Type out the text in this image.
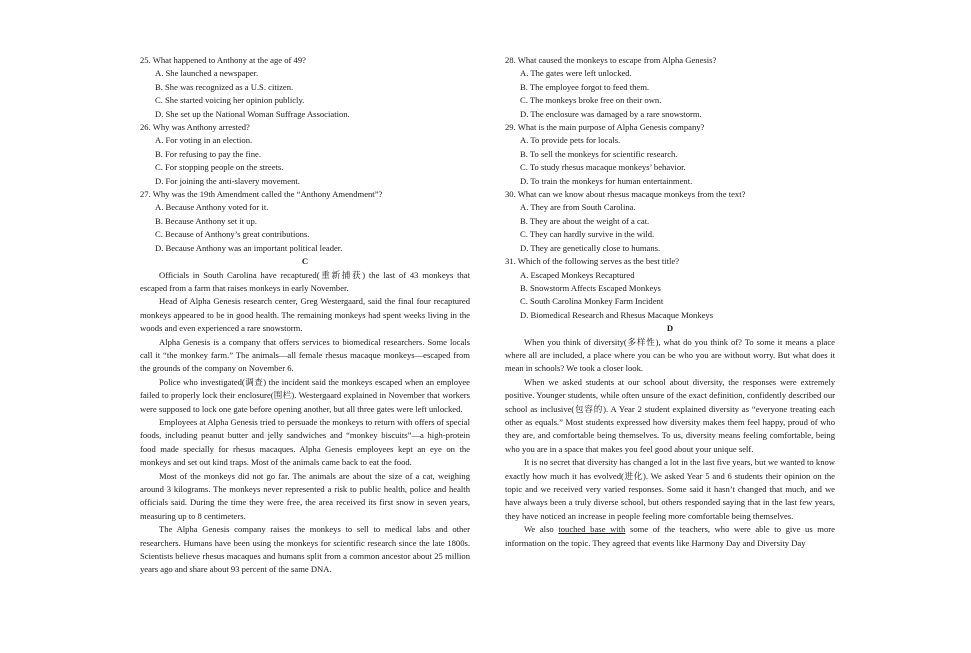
25. What happened to Anthony at the age of 49?
A. She launched a newspaper.
B. She was recognized as a U.S. citizen.
C. She started voicing her opinion publicly.
D. She set up the National Woman Suffrage Association.
26. Why was Anthony arrested?
A. For voting in an election.
B. For refusing to pay the fine.
C. For stopping people on the streets.
D. For joining the anti-slavery movement.
27. Why was the 19th Amendment called the “Anthony Amendment”?
A. Because Anthony voted for it.
B. Because Anthony set it up.
C. Because of Anthony’s great contributions.
D. Because Anthony was an important political leader.
C

Officials in South Carolina have recaptured(重新捕获) the last of 43 monkeys that escaped from a farm that raises monkeys in early November.

Head of Alpha Genesis research center, Greg Westergaard, said the final four recaptured monkeys appeared to be in good health. The remaining monkeys had spent weeks living in the woods and even experienced a rare snowstorm.

Alpha Genesis is a company that offers services to biomedical researchers. Some locals call it “the monkey farm.” The animals—all female rhesus macaque monkeys—escaped from the grounds of the company on November 6.

Police who investigated(调查) the incident said the monkeys escaped when an employee failed to properly lock their enclosure(围栏). Westergaard explained in November that workers were supposed to lock one gate before opening another, but all three gates were left unlocked.

Employees at Alpha Genesis tried to persuade the monkeys to return with offers of special foods, including peanut butter and jelly sandwiches and “monkey biscuits”—a high-protein food made specially for rhesus macaques. Alpha Genesis employees kept an eye on the monkeys and set out kind traps. Most of the animals came back to eat the food.

Most of the monkeys did not go far. The animals are about the size of a cat, weighing around 3 kilograms. The monkeys never represented a risk to public health, police and health officials said. During the time they were free, the area received its first snow in seven years, measuring up to 8 centimeters.

The Alpha Genesis company raises the monkeys to sell to medical labs and other researchers. Humans have been using the monkeys for scientific research since the late 1800s. Scientists believe rhesus macaques and humans split from a common ancestor about 25 million years ago and share about 93 percent of the same DNA.

28. What caused the monkeys to escape from Alpha Genesis?
A. The gates were left unlocked.
B. The employee forgot to feed them.
C. The monkeys broke free on their own.
D. The enclosure was damaged by a rare snowstorm.
29. What is the main purpose of Alpha Genesis company?
A. To provide pets for locals.
B. To sell the monkeys for scientific research.
C. To study rhesus macaque monkeys’ behavior.
D. To train the monkeys for human entertainment.
30. What can we know about rhesus macaque monkeys from the text?
A. They are from South Carolina.
B. They are about the weight of a cat.
C. They can hardly survive in the wild.
D. They are genetically close to humans.
31. Which of the following serves as the best title?
A. Escaped Monkeys Recaptured
B. Snowstorm Affects Escaped Monkeys
C. South Carolina Monkey Farm Incident
D. Biomedical Research and Rhesus Macaque Monkeys
D

When you think of diversity(多样性), what do you think of? To some it means a place where all are included, a place where you can be who you are without worry. But what does it mean in schools? We took a closer look.

When we asked students at our school about diversity, the responses were extremely positive. Younger students, while often unsure of the exact definition, confidently described our school as inclusive(包容的). A Year 2 student explained diversity as “everyone treating each other as equals.” Most students expressed how diversity makes them feel happy, proud of who they are, and comfortable being themselves. To us, diversity means feeling comfortable, being who you are in a space that makes you feel good about your unique self.

It is no secret that diversity has changed a lot in the last five years, but we wanted to know exactly how much it has evolved(进化). We asked Year 5 and 6 students their opinion on the topic and we received very varied responses. Some said it hasn’t changed that much, and we have always been a truly diverse school, but others responded saying that in the last few years, they have noticed an increase in people feeling more comfortable being themselves.

We also touched base with some of the teachers, who were able to give us more information on the topic. They agreed that events like Harmony Day and Diversity Day
